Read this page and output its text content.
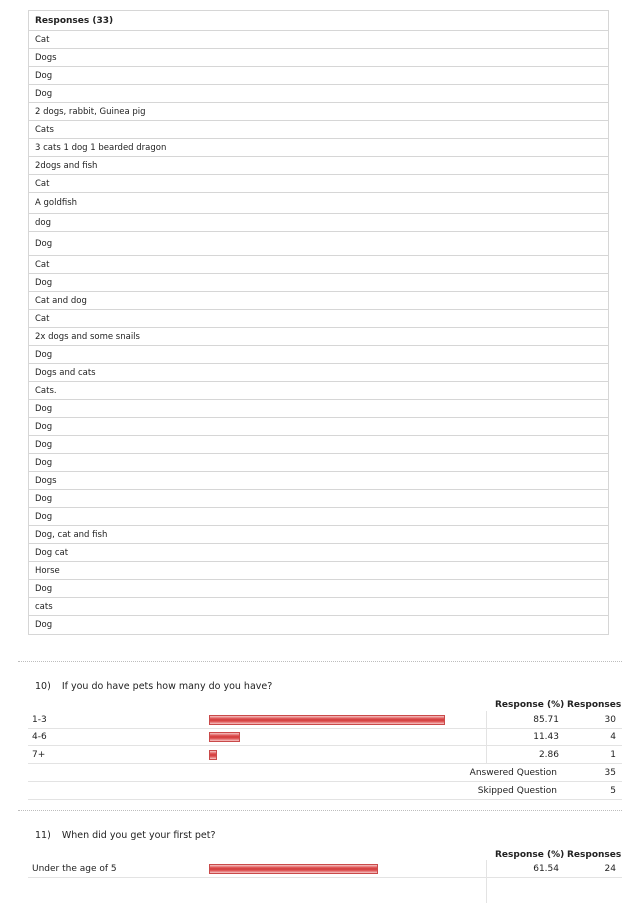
Responses (33)
Cat
Dogs
Dog
Dog
2 dogs, rabbit, Guinea pig
Cats
3 cats 1 dog 1 bearded dragon
2dogs and fish
Cat
A goldfish
dog
Dog
Cat
Dog
Cat and dog
Cat
2x dogs and some snails
Dog
Dogs and cats
Cats.
Dog
Dog
Dog
Dog
Dogs
Dog
Dog
Dog, cat and fish
Dog cat
Horse
Dog
cats
Dog
10) If you do have pets how many do you have?
Response (%) Responses
1-3	85.71	30
4-6	11.43	4
7+	2.86	1
Answered Question	35
Skipped Question	5
11) When did you get your first pet?
Response (%) Responses
Under the age of 5	61.54	24
